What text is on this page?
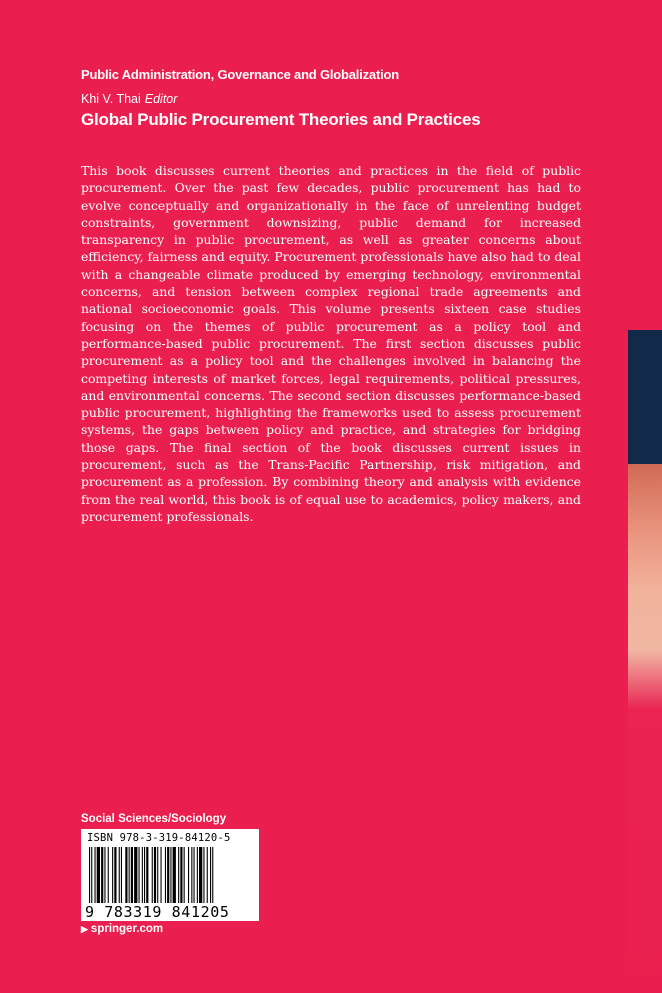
Public Administration, Governance and Globalization
Khi V. Thai Editor
Global Public Procurement Theories and Practices

This book discusses current theories and practices in the field of public procurement. Over the past few decades, public procurement has had to evolve conceptually and organizationally in the face of unrelenting budget constraints, government downsizing, public demand for increased transparency in public procurement, as well as greater concerns about efficiency, fairness and equity. Procurement professionals have also had to deal with a changeable climate produced by emerging technology, environmental concerns, and tension between complex regional trade agreements and national socioeconomic goals. This volume presents sixteen case studies focusing on the themes of public procurement as a policy tool and performance-based public procurement. The first section discusses public procurement as a policy tool and the challenges involved in balancing the competing interests of market forces, legal requirements, political pressures, and environmental concerns. The second section discusses performance-based public procurement, highlighting the frameworks used to assess procurement systems, the gaps between policy and practice, and strategies for bridging those gaps. The final section of the book discusses current issues in procurement, such as the Trans-Pacific Partnership, risk mitigation, and procurement as a profession. By combining theory and analysis with evidence from the real world, this book is of equal use to academics, policy makers, and procurement professionals.

Social Sciences/Sociology
ISBN 978-3-319-84120-5
9 783319 841205
▶ springer.com
